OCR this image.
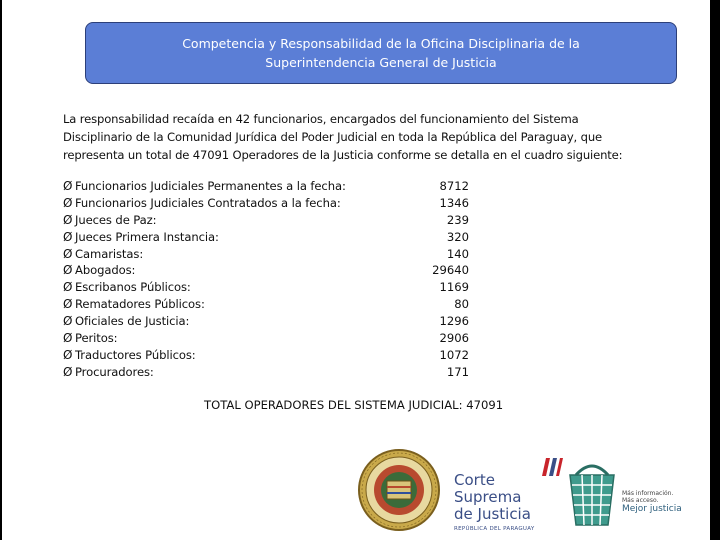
Competencia y Responsabilidad de la Oficina Disciplinaria de la Superintendencia General de Justicia
La responsabilidad recaída en 42 funcionarios, encargados del funcionamiento del Sistema Disciplinario de la Comunidad Jurídica del Poder Judicial en toda la República del Paraguay, que representa un total de 47091 Operadores de la Justicia conforme se detalla en el cuadro siguiente:
Ø Funcionarios Judiciales Permanentes a la fecha:	8712
Ø Funcionarios Judiciales Contratados a la fecha:	1346
Ø Jueces de Paz:	239
Ø Jueces Primera Instancia:	320
Ø Camaristas:	140
Ø Abogados:	29640
Ø Escribanos Públicos:	1169
Ø Rematadores Públicos:	80
Ø Oficiales de Justicia:	1296
Ø Peritos:	2906
Ø Traductores Públicos:	1072
Ø Procuradores:	171
TOTAL OPERADORES DEL SISTEMA JUDICIAL: 47091
Corte
Suprema
de Justicia
REPÚBLICA DEL PARAGUAY
Más información.
Más acceso.
Mejor justicia
